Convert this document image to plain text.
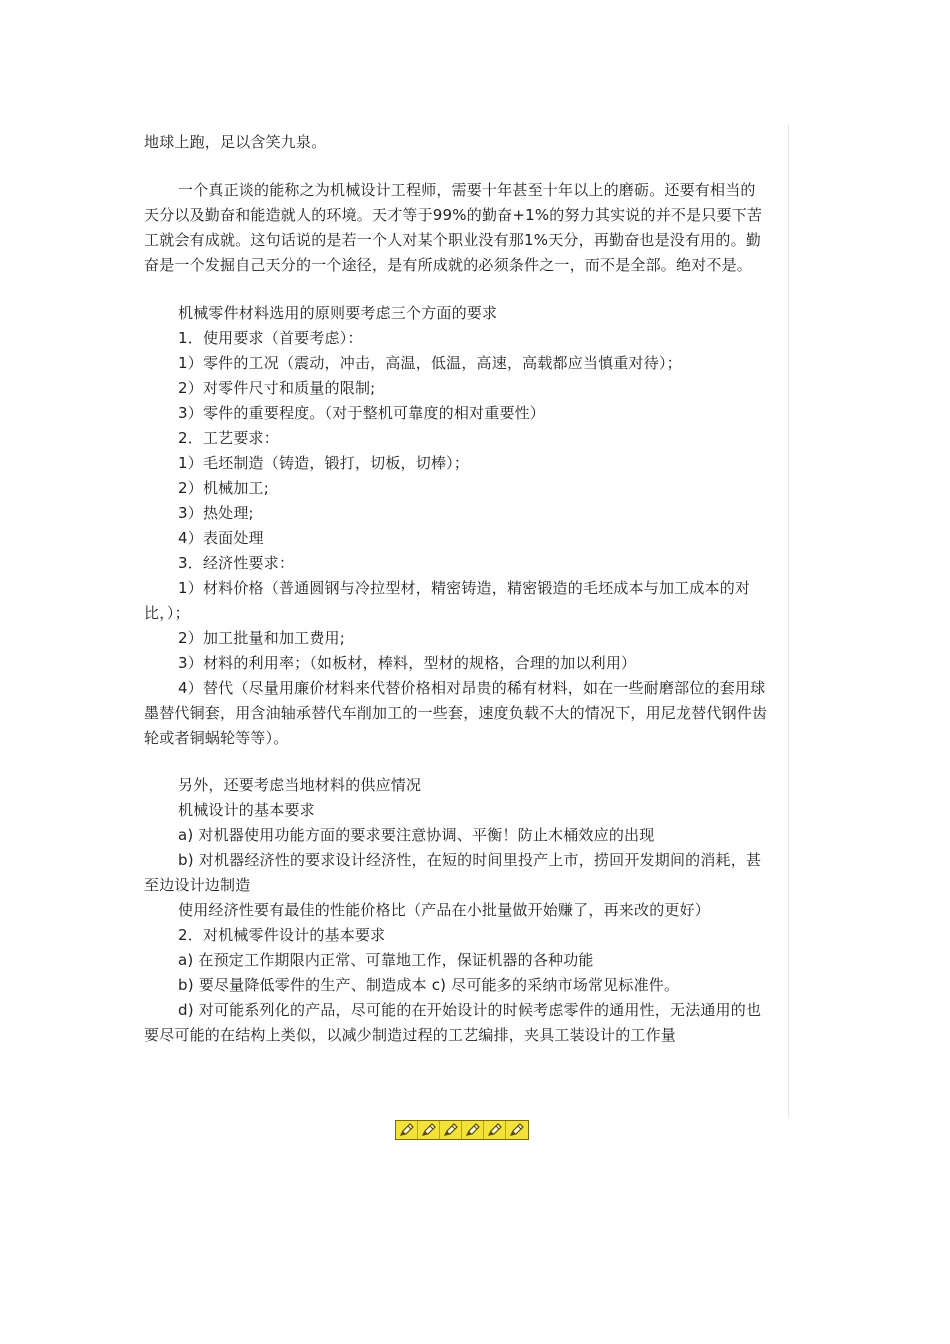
地球上跑，足以含笑九泉。

一个真正谈的能称之为机械设计工程师，需要十年甚至十年以上的磨砺。还要有相当的天分以及勤奋和能造就人的环境。天才等于99%的勤奋+1%的努力其实说的并不是只要下苦工就会有成就。这句话说的是若一个人对某个职业没有那1%天分，再勤奋也是没有用的。勤奋是一个发掘自己天分的一个途径，是有所成就的必须条件之一，而不是全部。绝对不是。

机械零件材料选用的原则要考虑三个方面的要求

1．使用要求（首要考虑）：

1）零件的工况（震动，冲击，高温，低温，高速，高载都应当慎重对待）；

2）对零件尺寸和质量的限制;

3）零件的重要程度。（对于整机可靠度的相对重要性）

2．工艺要求：

1）毛坯制造（铸造，锻打，切板，切棒）；

2）机械加工;

3）热处理;

4）表面处理

3．经济性要求：

1）材料价格（普通圆钢与冷拉型材，精密铸造，精密锻造的毛坯成本与加工成本的对比，）；

2）加工批量和加工费用;

3）材料的利用率；（如板材，棒料，型材的规格，合理的加以利用）

4）替代（尽量用廉价材料来代替价格相对昂贵的稀有材料，如在一些耐磨部位的套用球墨替代铜套，用含油轴承替代车削加工的一些套，速度负载不大的情况下，用尼龙替代钢件齿轮或者铜蜗轮等等）。

另外，还要考虑当地材料的供应情况

机械设计的基本要求

a) 对机器使用功能方面的要求要注意协调、平衡！防止木桶效应的出现

b) 对机器经济性的要求设计经济性，在短的时间里投产上市，捞回开发期间的消耗，甚至边设计边制造

使用经济性要有最佳的性能价格比（产品在小批量做开始赚了，再来改的更好）

2．对机械零件设计的基本要求

a) 在预定工作期限内正常、可靠地工作，保证机器的各种功能

b) 要尽量降低零件的生产、制造成本 c) 尽可能多的采纳市场常见标准件。

d) 对可能系列化的产品，尽可能的在开始设计的时候考虑零件的通用性，无法通用的也要尽可能的在结构上类似，以减少制造过程的工艺编排，夹具工装设计的工作量
